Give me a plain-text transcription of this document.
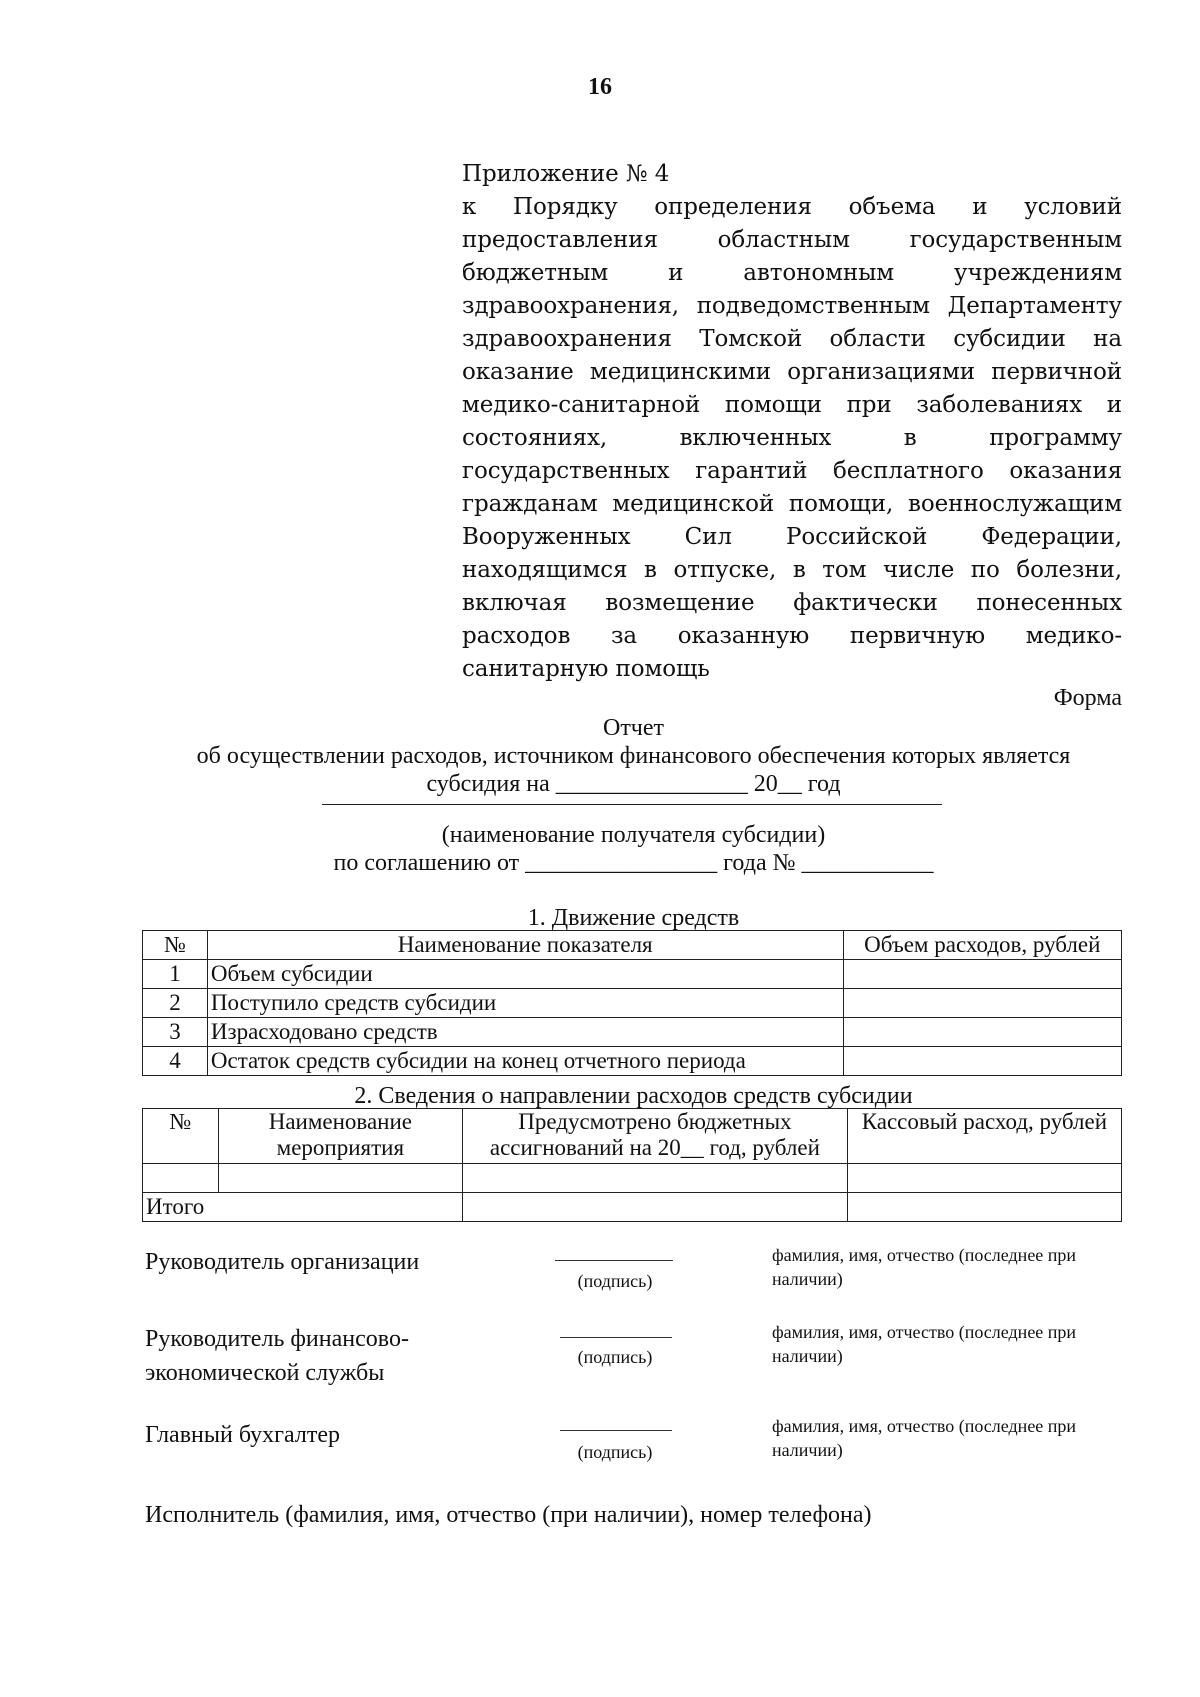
16
Приложение № 4
к Порядку определения объема и условий предоставления областным государственным бюджетным и автономным учреждениям здравоохранения, подведомственным Департаменту здравоохранения Томской области субсидии на оказание медицинскими организациями первичной медико-санитарной помощи при заболеваниях и состояниях, включенных в программу государственных гарантий бесплатного оказания гражданам медицинской помощи, военнослужащим Вооруженных Сил Российской Федерации, находящимся в отпуске, в том числе по болезни, включая возмещение фактически понесенных расходов за оказанную первичную медико-санитарную помощь
Форма
Отчет
об осуществлении расходов, источником финансового обеспечения которых является
субсидия на ________________ 20__ год
(наименование получателя субсидии)
по соглашению от ________________ года № ___________
1. Движение средств
№	Наименование показателя	Объем расходов, рублей
1	Объем субсидии	
2	Поступило средств субсидии	
3	Израсходовано средств	
4	Остаток средств субсидии на конец отчетного периода	
2. Сведения о направлении расходов средств субсидии
№	Наименование мероприятия	Предусмотрено бюджетных ассигнований на 20__ год, рублей	Кассовый расход, рублей

Итого			
Руководитель организации
(подпись)
фамилия, имя, отчество (последнее при наличии)
Руководитель финансово-экономической службы
(подпись)
фамилия, имя, отчество (последнее при наличии)
Главный бухгалтер
(подпись)
фамилия, имя, отчество (последнее при наличии)
Исполнитель (фамилия, имя, отчество (при наличии), номер телефона)
